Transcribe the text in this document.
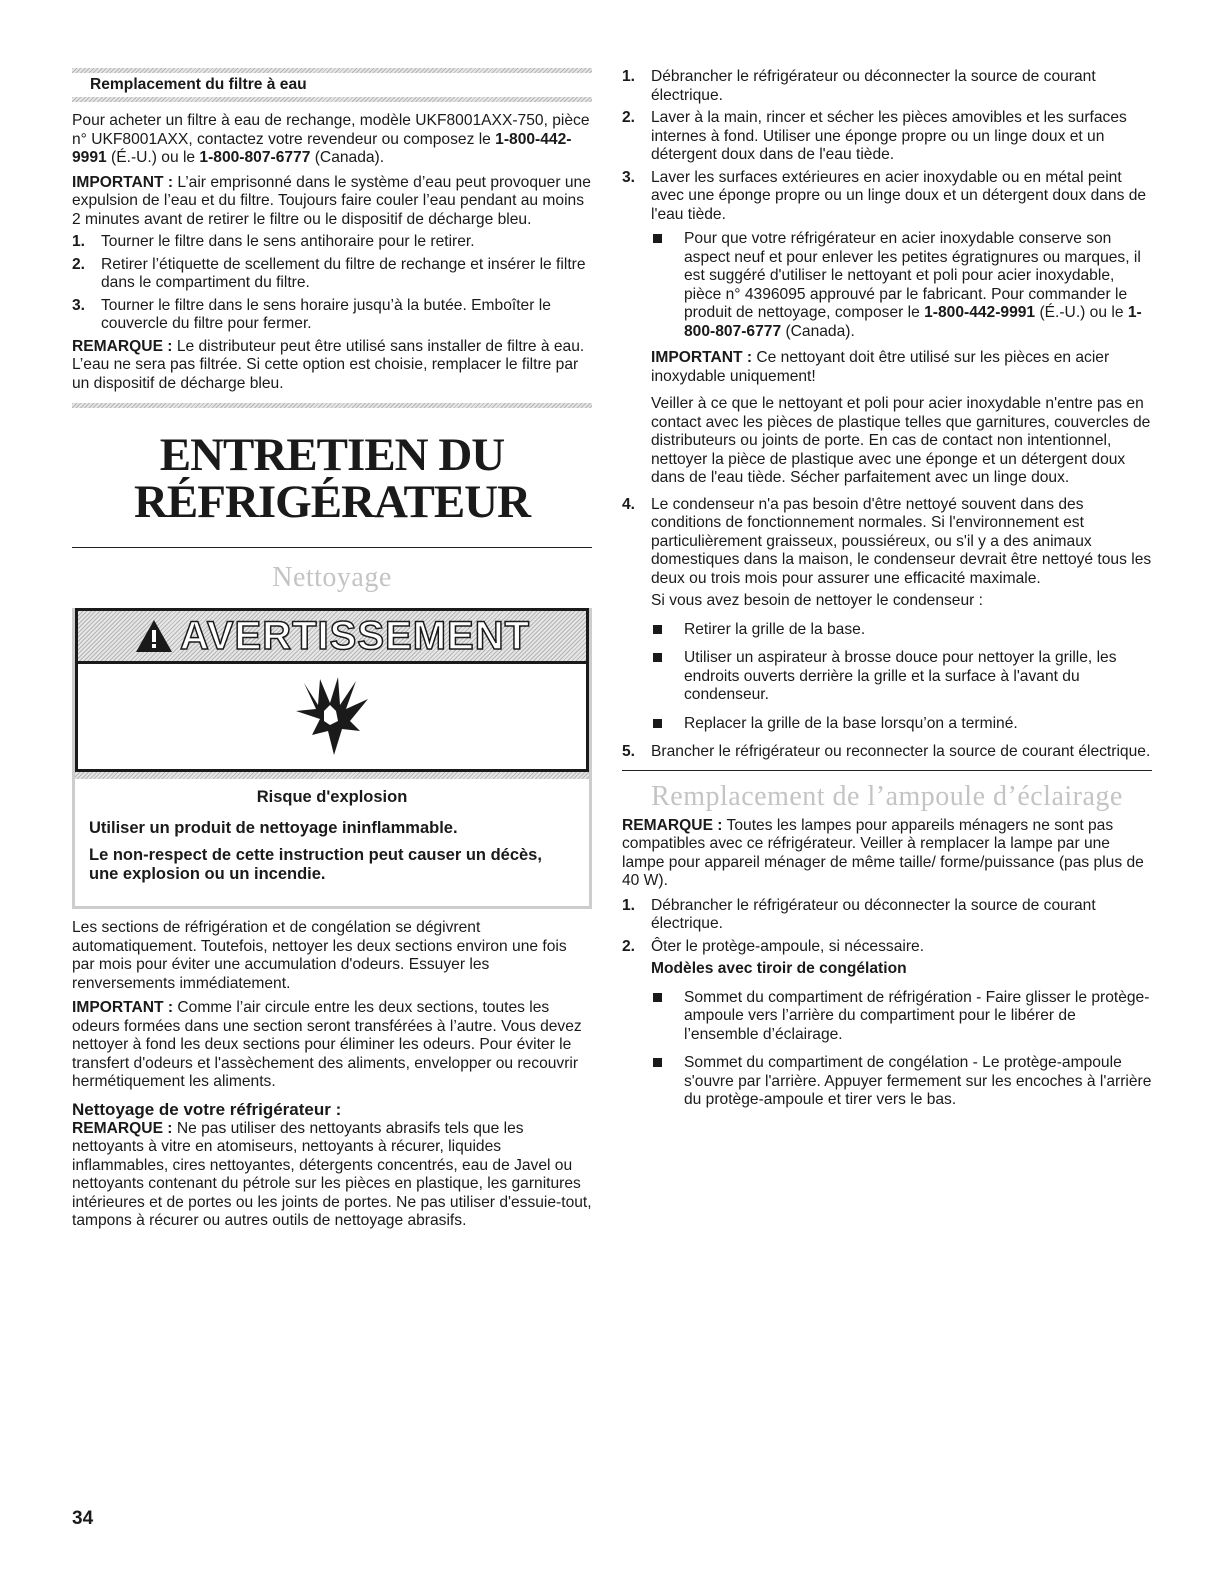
Remplacement du filtre à eau

Pour acheter un filtre à eau de rechange, modèle UKF8001AXX-750, pièce n° UKF8001AXX, contactez votre revendeur ou composez le 1-800-442-9991 (É.-U.) ou le 1-800-807-6777 (Canada).

IMPORTANT : L’air emprisonné dans le système d’eau peut provoquer une expulsion de l’eau et du filtre. Toujours faire couler l’eau pendant au moins 2 minutes avant de retirer le filtre ou le dispositif de décharge bleu.

1. Tourner le filtre dans le sens antihoraire pour le retirer.
2. Retirer l’étiquette de scellement du filtre de rechange et insérer le filtre dans le compartiment du filtre.
3. Tourner le filtre dans le sens horaire jusqu’à la butée. Emboîter le couvercle du filtre pour fermer.

REMARQUE : Le distributeur peut être utilisé sans installer de filtre à eau. L’eau ne sera pas filtrée. Si cette option est choisie, remplacer le filtre par un dispositif de décharge bleu.

ENTRETIEN DU
RÉFRIGÉRATEUR
Nettoyage
AVERTISSEMENT
Risque d'explosion
Utiliser un produit de nettoyage ininflammable.
Le non-respect de cette instruction peut causer un décès, une explosion ou un incendie.

Les sections de réfrigération et de congélation se dégivrent automatiquement. Toutefois, nettoyer les deux sections environ une fois par mois pour éviter une accumulation d'odeurs. Essuyer les renversements immédiatement.

IMPORTANT : Comme l’air circule entre les deux sections, toutes les odeurs formées dans une section seront transférées à l’autre. Vous devez nettoyer à fond les deux sections pour éliminer les odeurs. Pour éviter le transfert d'odeurs et l'assèchement des aliments, envelopper ou recouvrir hermétiquement les aliments.

Nettoyage de votre réfrigérateur :

REMARQUE : Ne pas utiliser des nettoyants abrasifs tels que les nettoyants à vitre en atomiseurs, nettoyants à récurer, liquides inflammables, cires nettoyantes, détergents concentrés, eau de Javel ou nettoyants contenant du pétrole sur les pièces en plastique, les garnitures intérieures et de portes ou les joints de portes. Ne pas utiliser d'essuie-tout, tampons à récurer ou autres outils de nettoyage abrasifs.

1. Débrancher le réfrigérateur ou déconnecter la source de courant électrique.
2. Laver à la main, rincer et sécher les pièces amovibles et les surfaces internes à fond. Utiliser une éponge propre ou un linge doux et un détergent doux dans de l'eau tiède.
3. Laver les surfaces extérieures en acier inoxydable ou en métal peint avec une éponge propre ou un linge doux et un détergent doux dans de l'eau tiède.
Pour que votre réfrigérateur en acier inoxydable conserve son aspect neuf et pour enlever les petites égratignures ou marques, il est suggéré d'utiliser le nettoyant et poli pour acier inoxydable, pièce n° 4396095 approuvé par le fabricant. Pour commander le produit de nettoyage, composer le 1-800-442-9991 (É.-U.) ou le 1-800-807-6777 (Canada).

IMPORTANT : Ce nettoyant doit être utilisé sur les pièces en acier inoxydable uniquement!

Veiller à ce que le nettoyant et poli pour acier inoxydable n'entre pas en contact avec les pièces de plastique telles que garnitures, couvercles de distributeurs ou joints de porte. En cas de contact non intentionnel, nettoyer la pièce de plastique avec une éponge et un détergent doux dans de l'eau tiède. Sécher parfaitement avec un linge doux.

4. Le condenseur n'a pas besoin d'être nettoyé souvent dans des conditions de fonctionnement normales. Si l'environnement est particulièrement graisseux, poussiéreux, ou s'il y a des animaux domestiques dans la maison, le condenseur devrait être nettoyé tous les deux ou trois mois pour assurer une efficacité maximale.

Si vous avez besoin de nettoyer le condenseur :

Retirer la grille de la base.
Utiliser un aspirateur à brosse douce pour nettoyer la grille, les endroits ouverts derrière la grille et la surface à l'avant du condenseur.
Replacer la grille de la base lorsqu’on a terminé.
5. Brancher le réfrigérateur ou reconnecter la source de courant électrique.
Remplacement de l’ampoule d’éclairage

REMARQUE : Toutes les lampes pour appareils ménagers ne sont pas compatibles avec ce réfrigérateur. Veiller à remplacer la lampe par une lampe pour appareil ménager de même taille/ forme/puissance (pas plus de 40 W).

1. Débrancher le réfrigérateur ou déconnecter la source de courant électrique.
2. Ôter le protège-ampoule, si nécessaire.
Modèles avec tiroir de congélation
Sommet du compartiment de réfrigération - Faire glisser le protège-ampoule vers l’arrière du compartiment pour le libérer de l’ensemble d’éclairage.
Sommet du compartiment de congélation - Le protège-ampoule s'ouvre par l'arrière. Appuyer fermement sur les encoches à l'arrière du protège-ampoule et tirer vers le bas.
34
